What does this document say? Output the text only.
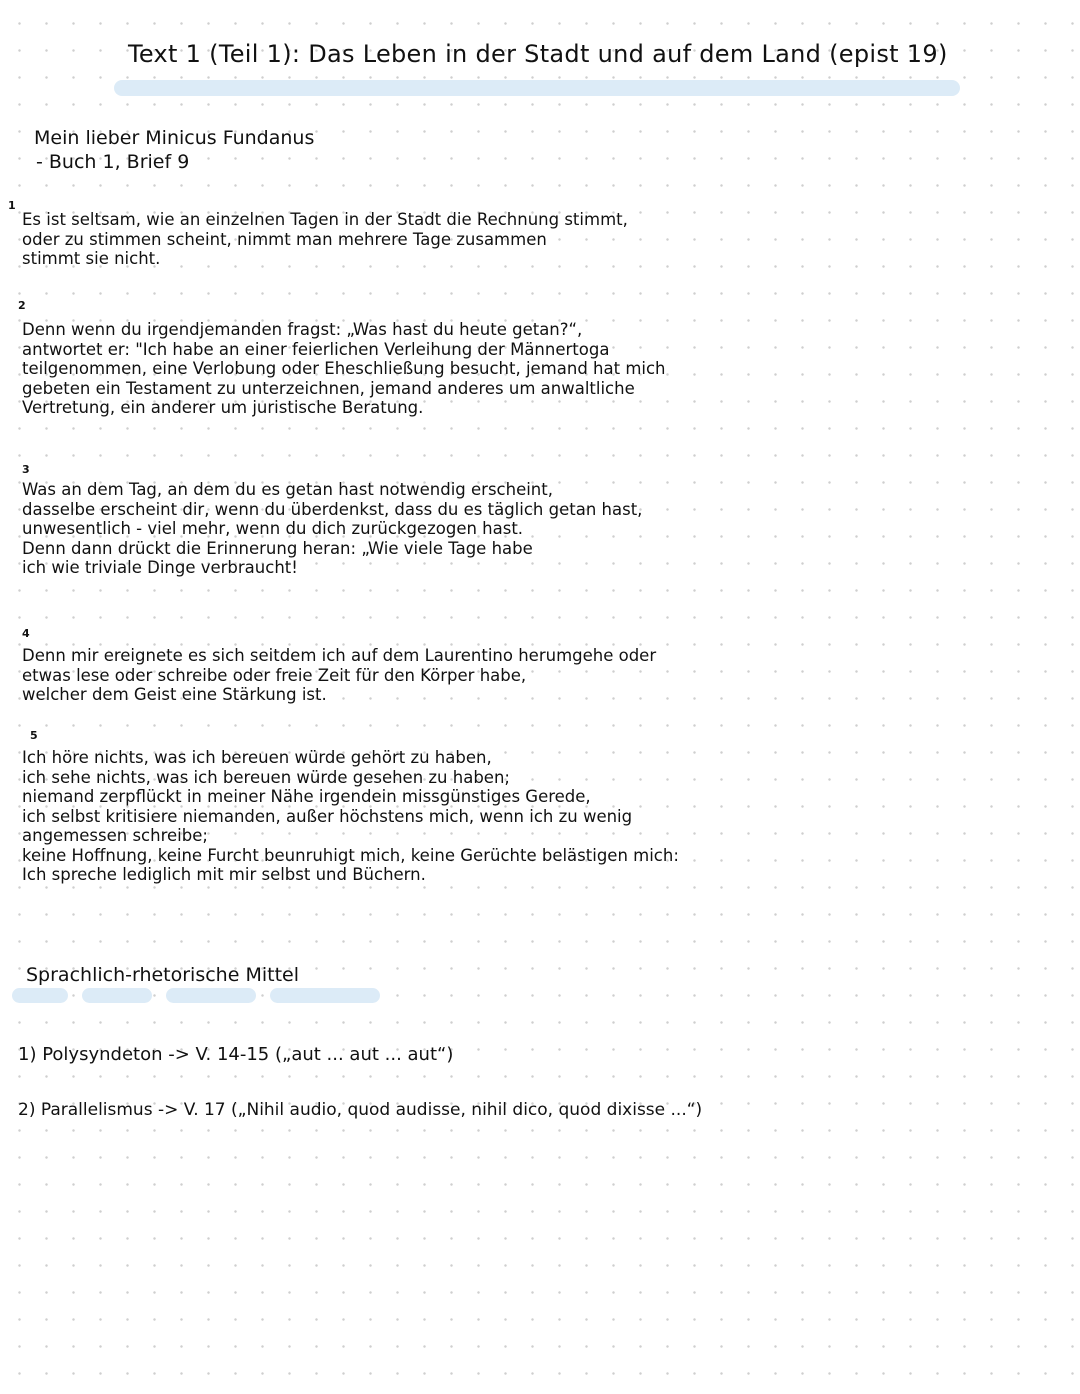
Text 1 (Teil 1): Das Leben in der Stadt und auf dem Land (epist 19)
Mein lieber Minicus Fundanus
- Buch 1, Brief 9
1
Es ist seltsam, wie an einzelnen Tagen in der Stadt die Rechnung stimmt,
oder zu stimmen scheint, nimmt man mehrere Tage zusammen
stimmt sie nicht.
2
Denn wenn du irgendjemanden fragst: „Was hast du heute getan?“,
antwortet er: "Ich habe an einer feierlichen Verleihung der Männertoga
teilgenommen, eine Verlobung oder Eheschließung besucht, jemand hat mich
gebeten ein Testament zu unterzeichnen, jemand anderes um anwaltliche
Vertretung, ein anderer um juristische Beratung.
3
Was an dem Tag, an dem du es getan hast notwendig erscheint,
dasselbe erscheint dir, wenn du überdenkst, dass du es täglich getan hast,
unwesentlich - viel mehr, wenn du dich zurückgezogen hast.
Denn dann drückt die Erinnerung heran: „Wie viele Tage habe
ich wie triviale Dinge verbraucht!
4
Denn mir ereignete es sich seitdem ich auf dem Laurentino herumgehe oder
etwas lese oder schreibe oder freie Zeit für den Körper habe,
welcher dem Geist eine Stärkung ist.
5
Ich höre nichts, was ich bereuen würde gehört zu haben,
ich sehe nichts, was ich bereuen würde gesehen zu haben;
niemand zerpflückt in meiner Nähe irgendein missgünstiges Gerede,
ich selbst kritisiere niemanden, außer höchstens mich, wenn ich zu wenig
angemessen schreibe;
keine Hoffnung, keine Furcht beunruhigt mich, keine Gerüchte belästigen mich:
Ich spreche lediglich mit mir selbst und Büchern.
Sprachlich-rhetorische Mittel
1) Polysyndeton -> V. 14-15 („aut ... aut ... aut“)
2) Parallelismus -> V. 17 („Nihil audio, quod audisse, nihil dico, quod dixisse ...“)
